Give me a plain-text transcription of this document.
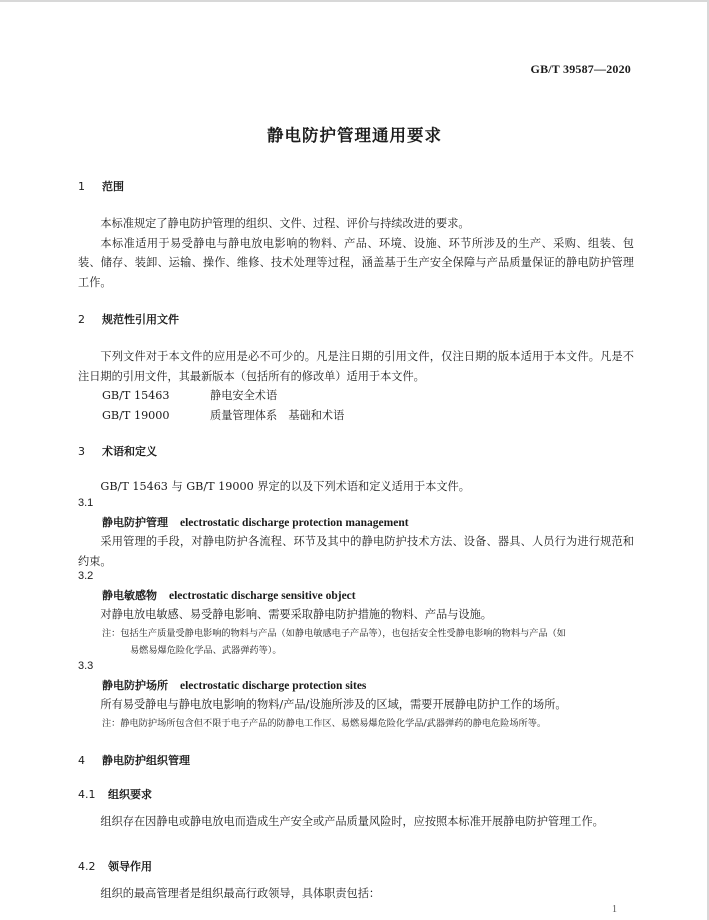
GB/T 39587—2020
静电防护管理通用要求
1 范围

本标准规定了静电防护管理的组织、文件、过程、评价与持续改进的要求。

本标准适用于易受静电与静电放电影响的物料、产品、环境、设施、环节所涉及的生产、采购、组装、包装、储存、装卸、运输、操作、维修、技术处理等过程，涵盖基于生产安全保障与产品质量保证的静电防护管理工作。

2 规范性引用文件

下列文件对于本文件的应用是必不可少的。凡是注日期的引用文件，仅注日期的版本适用于本文件。凡是不注日期的引用文件，其最新版本（包括所有的修改单）适用于本文件。

GB/T 15463	静电安全术语
GB/T 19000	质量管理体系　基础和术语
3 术语和定义

GB/T 15463 与 GB/T 19000 界定的以及下列术语和定义适用于本文件。

3.1
静电防护管理 electrostatic discharge protection management

采用管理的手段，对静电防护各流程、环节及其中的静电防护技术方法、设备、器具、人员行为进行规范和约束。

3.2
静电敏感物 electrostatic discharge sensitive object

对静电放电敏感、易受静电影响、需要采取静电防护措施的物料、产品与设施。

注：包括生产质量受静电影响的物料与产品（如静电敏感电子产品等），也包括安全性受静电影响的物料与产品（如
易燃易爆危险化学品、武器弹药等）。
3.3
静电防护场所 electrostatic discharge protection sites

所有易受静电与静电放电影响的物料/产品/设施所涉及的区域，需要开展静电防护工作的场所。

注：静电防护场所包含但不限于电子产品的防静电工作区、易燃易爆危险化学品/武器弹药的静电危险场所等。
4 静电防护组织管理
4.1 组织要求

组织存在因静电或静电放电而造成生产安全或产品质量风险时，应按照本标准开展静电防护管理工作。

4.2 领导作用

组织的最高管理者是组织最高行政领导，具体职责包括：

1
